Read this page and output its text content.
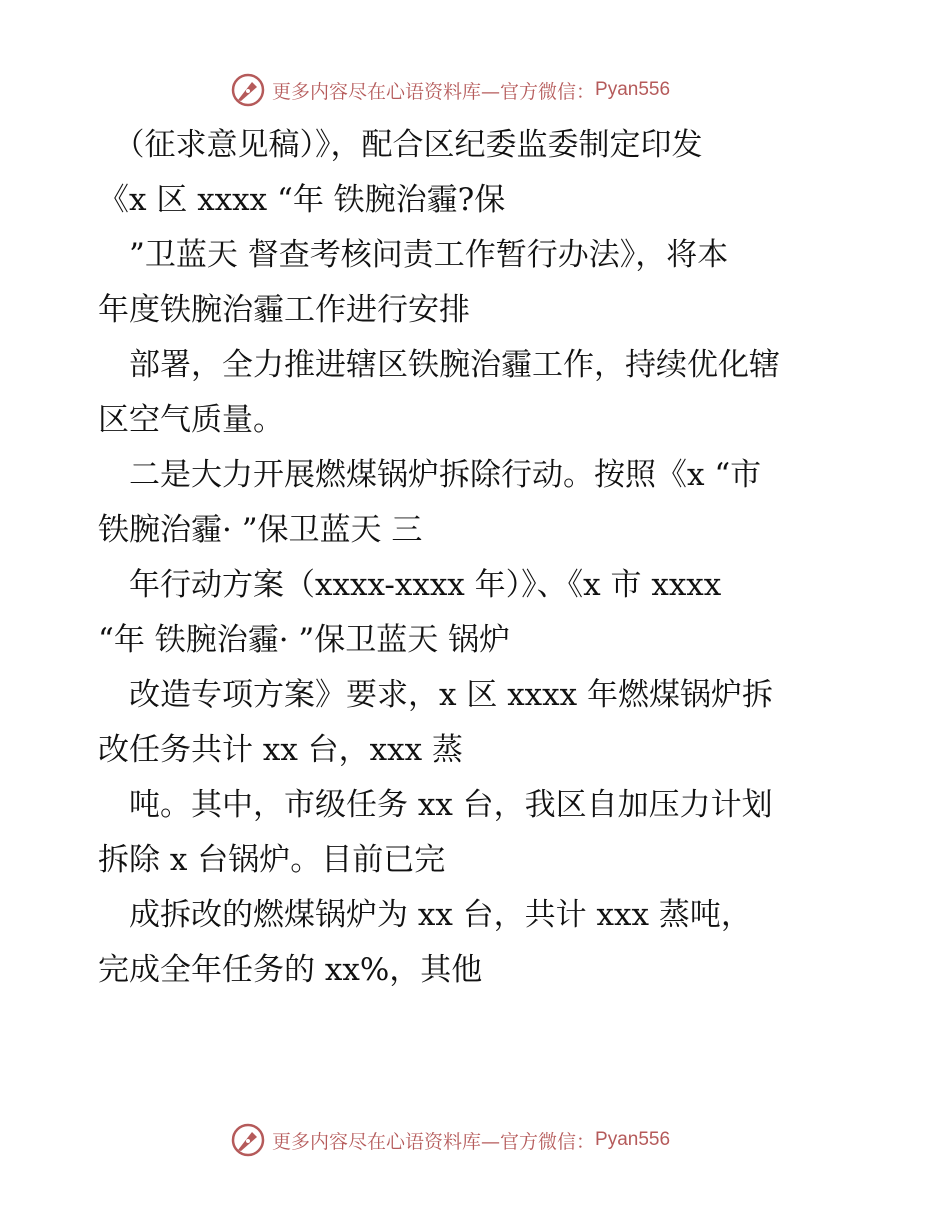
更多内容尽在心语资料库—官方微信： Pyan556
　（征求意见稿）》，配合区纪委监委制定印发
《x 区 xxxx “年 铁腕治霾?保
　”卫蓝天 督查考核问责工作暂行办法》，将本
年度铁腕治霾工作进行安排
　部署，全力推进辖区铁腕治霾工作，持续优化辖
区空气质量。
　二是大力开展燃煤锅炉拆除行动。按照《x “市
铁腕治霾· ”保卫蓝天 三
　年行动方案（xxxx-xxxx 年）》、《x 市 xxxx
“年 铁腕治霾· ”保卫蓝天 锅炉
　改造专项方案》要求，x 区 xxxx 年燃煤锅炉拆
改任务共计 xx 台，xxx 蒸
　吨。其中，市级任务 xx 台，我区自加压力计划
拆除 x 台锅炉。目前已完
　成拆改的燃煤锅炉为 xx 台，共计 xxx 蒸吨，
完成全年任务的 xx%，其他
更多内容尽在心语资料库—官方微信： Pyan556
